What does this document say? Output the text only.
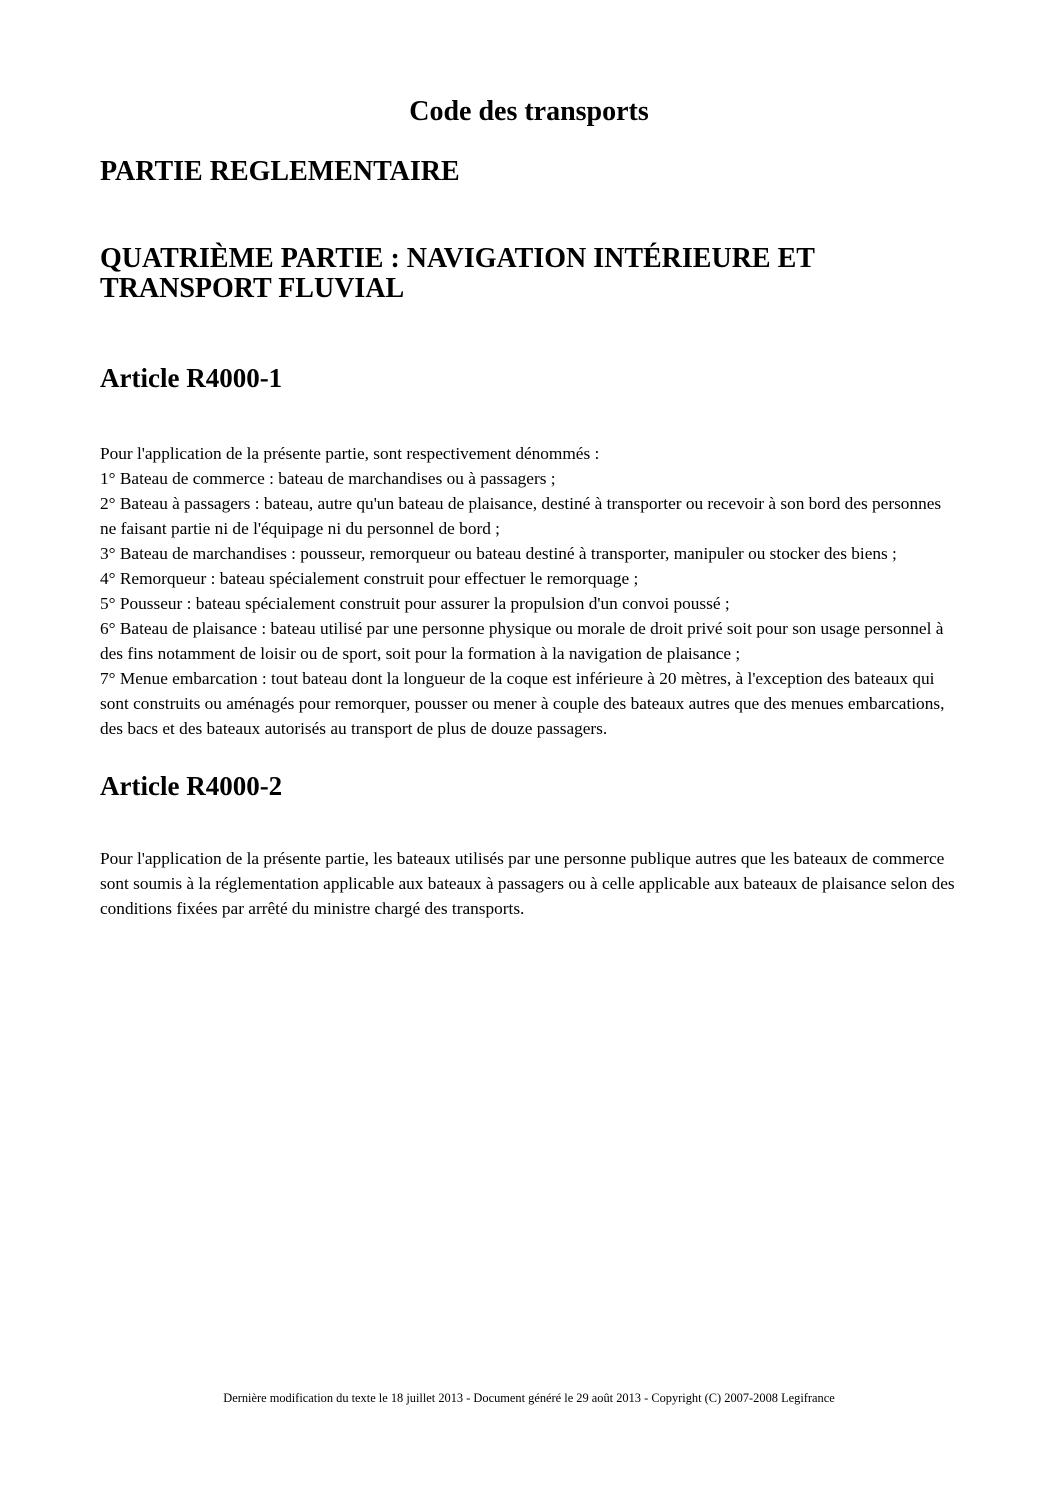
Code des transports
PARTIE REGLEMENTAIRE
QUATRIÈME PARTIE : NAVIGATION INTÉRIEURE ET TRANSPORT FLUVIAL
Article R4000-1

Pour l'application de la présente partie, sont respectivement dénommés :

1° Bateau de commerce : bateau de marchandises ou à passagers ;

2° Bateau à passagers : bateau, autre qu'un bateau de plaisance, destiné à transporter ou recevoir à son bord des personnes ne faisant partie ni de l'équipage ni du personnel de bord ;

3° Bateau de marchandises : pousseur, remorqueur ou bateau destiné à transporter, manipuler ou stocker des biens ;

4° Remorqueur : bateau spécialement construit pour effectuer le remorquage ;

5° Pousseur : bateau spécialement construit pour assurer la propulsion d'un convoi poussé ;

6° Bateau de plaisance : bateau utilisé par une personne physique ou morale de droit privé soit pour son usage personnel à des fins notamment de loisir ou de sport, soit pour la formation à la navigation de plaisance ;

7° Menue embarcation : tout bateau dont la longueur de la coque est inférieure à 20 mètres, à l'exception des bateaux qui sont construits ou aménagés pour remorquer, pousser ou mener à couple des bateaux autres que des menues embarcations, des bacs et des bateaux autorisés au transport de plus de douze passagers.

Article R4000-2

Pour l'application de la présente partie, les bateaux utilisés par une personne publique autres que les bateaux de commerce sont soumis à la réglementation applicable aux bateaux à passagers ou à celle applicable aux bateaux de plaisance selon des conditions fixées par arrêté du ministre chargé des transports.

Dernière modification du texte le 18 juillet 2013 - Document généré le 29 août 2013 - Copyright (C) 2007-2008 Legifrance
